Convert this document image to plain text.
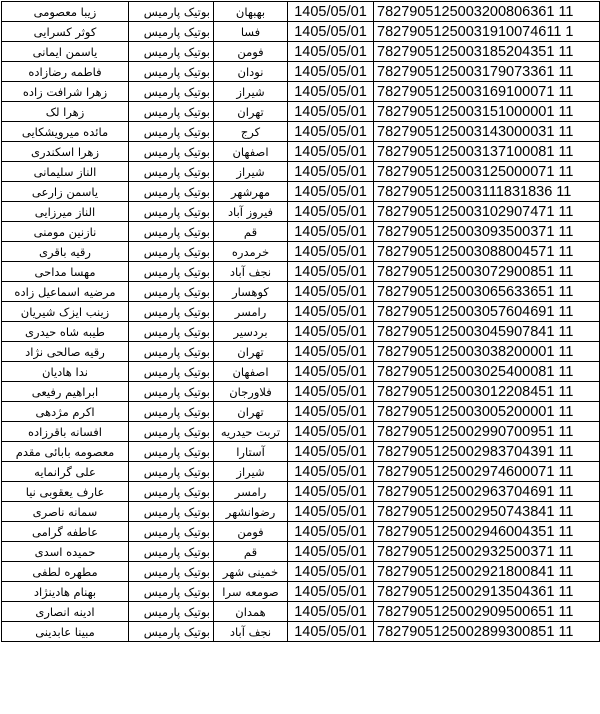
زیبا معصومی	بوتیک پارمیس	بهبهان	1405/05/01	7827905125003200806361 11
کوثر کسرایی	بوتیک پارمیس	فسا	1405/05/01	78279051250031910074611 1
یاسمن ایمانی	بوتیک پارمیس	فومن	1405/05/01	7827905125003185204351 11
فاطمه رضازاده	بوتیک پارمیس	نودان	1405/05/01	7827905125003179073361 11
زهرا شرافت زاده	بوتیک پارمیس	شیراز	1405/05/01	7827905125003169100071 11
زهرا لک	بوتیک پارمیس	تهران	1405/05/01	7827905125003151000001 11
مائده میرویشکایی	بوتیک پارمیس	کرج	1405/05/01	7827905125003143000031 11
زهرا اسکندری	بوتیک پارمیس	اصفهان	1405/05/01	7827905125003137100081 11
الناز سلیمانی	بوتیک پارمیس	شیراز	1405/05/01	7827905125003125000071 11
یاسمن زارعی	بوتیک پارمیس	مهرشهر	1405/05/01	7827905125003111831836 11
الناز میرزایی	بوتیک پارمیس	فیروز آباد	1405/05/01	7827905125003102907471 11
نازنین مومنی	بوتیک پارمیس	قم	1405/05/01	7827905125003093500371 11
رقیه باقری	بوتیک پارمیس	خرمدره	1405/05/01	7827905125003088004571 11
مهسا مداحی	بوتیک پارمیس	نجف آباد	1405/05/01	7827905125003072900851 11
مرضیه اسماعیل زاده	بوتیک پارمیس	کوهسار	1405/05/01	7827905125003065633651 11
زینب ایزک شیریان	بوتیک پارمیس	رامسر	1405/05/01	7827905125003057604691 11
طیبه شاه حیدری	بوتیک پارمیس	بردسیر	1405/05/01	7827905125003045907841 11
رقیه صالحی نژاد	بوتیک پارمیس	تهران	1405/05/01	7827905125003038200001 11
ندا هادیان	بوتیک پارمیس	اصفهان	1405/05/01	7827905125003025400081 11
ابراهیم رفیعی	بوتیک پارمیس	فلاورجان	1405/05/01	7827905125003012208451 11
اکرم مژدهی	بوتیک پارمیس	تهران	1405/05/01	7827905125003005200001 11
افسانه باقرزاده	بوتیک پارمیس	تربت حیدریه	1405/05/01	7827905125002990700951 11
معصومه بابائی مقدم	بوتیک پارمیس	آستارا	1405/05/01	7827905125002983704391 11
علی گرانمایه	بوتیک پارمیس	شیراز	1405/05/01	7827905125002974600071 11
عارف یعقوبی نیا	بوتیک پارمیس	رامسر	1405/05/01	7827905125002963704691 11
سمانه ناصری	بوتیک پارمیس	رضوانشهر	1405/05/01	7827905125002950743841 11
عاطفه گرامی	بوتیک پارمیس	فومن	1405/05/01	7827905125002946004351 11
حمیده اسدی	بوتیک پارمیس	قم	1405/05/01	7827905125002932500371 11
مطهره لطفی	بوتیک پارمیس	خمینی شهر	1405/05/01	7827905125002921800841 11
بهنام هادینژاد	بوتیک پارمیس	صومعه سرا	1405/05/01	7827905125002913504361 11
ادینه انصاری	بوتیک پارمیس	همدان	1405/05/01	7827905125002909500651 11
مبینا عابدینی	بوتیک پارمیس	نجف آباد	1405/05/01	7827905125002899300851 11
